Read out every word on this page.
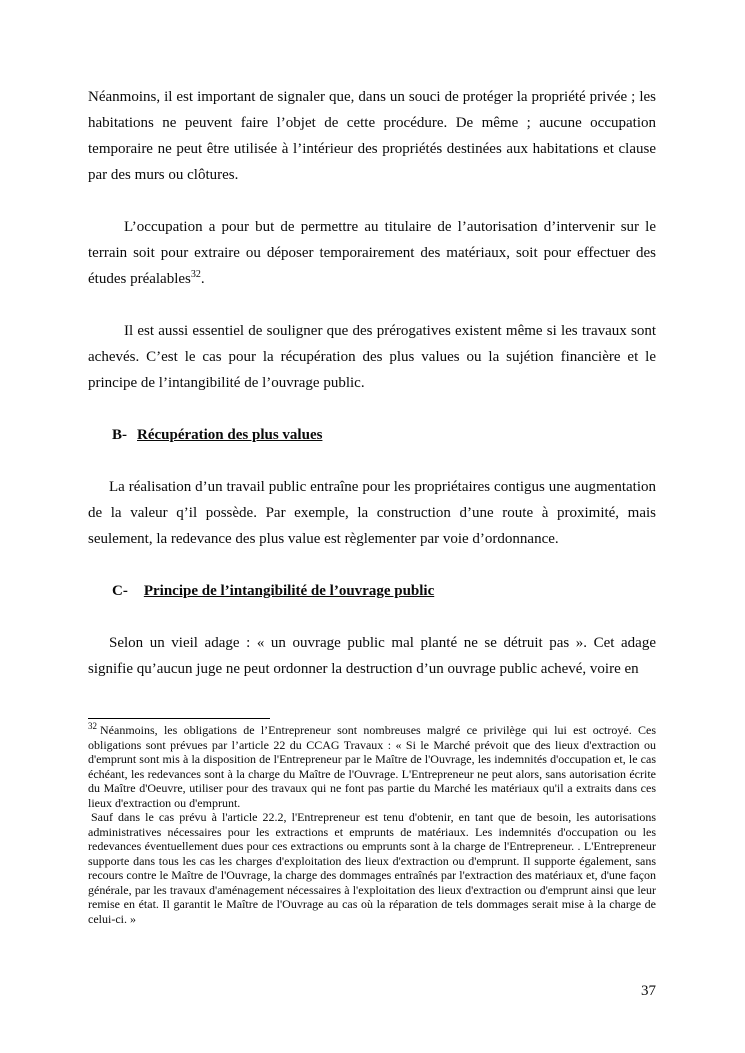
Néanmoins, il est important de signaler que, dans un souci de protéger la propriété privée ; les habitations ne peuvent faire l’objet de cette procédure. De même ; aucune occupation temporaire ne peut être utilisée à l’intérieur des propriétés destinées aux habitations et clause par des murs ou clôtures.

L’occupation a pour but de permettre au titulaire de l’autorisation d’intervenir sur le terrain soit pour extraire ou déposer temporairement des matériaux, soit pour effectuer des études préalables$^{32}$.

Il est aussi essentiel de souligner que des prérogatives existent même si les travaux sont achevés. C’est le cas pour la récupération des plus values ou la sujétion financière et le principe de l’intangibilité de l’ouvrage public.

B- Récupération des plus values

La réalisation d’un travail public entraîne pour les propriétaires contigus une augmentation de la valeur q’il possède. Par exemple, la construction d’une route à proximité, mais seulement, la redevance des plus value est règlementer par voie d’ordonnance.

C- Principe de l’intangibilité de l’ouvrage public

Selon un vieil adage : « un ouvrage public mal planté ne se détruit pas ». Cet adage signifie qu’aucun juge ne peut ordonner la destruction d’un ouvrage public achevé, voire en

$^{32}$ Néanmoins, les obligations de l’Entrepreneur sont nombreuses malgré ce privilège qui lui est octroyé. Ces obligations sont prévues par l’article 22 du CCAG Travaux : « Si le Marché prévoit que des lieux d'extraction ou d'emprunt sont mis à la disposition de l'Entrepreneur par le Maître de l'Ouvrage, les indemnités d'occupation et, le cas échéant, les redevances sont à la charge du Maître de l'Ouvrage. L'Entrepreneur ne peut alors, sans autorisation écrite du Maître d'Oeuvre, utiliser pour des travaux qui ne font pas partie du Marché les matériaux qu'il a extraits dans ces lieux d'extraction ou d'emprunt.
Sauf dans le cas prévu à l'article 22.2, l'Entrepreneur est tenu d'obtenir, en tant que de besoin, les autorisations administratives nécessaires pour les extractions et emprunts de matériaux. Les indemnités d'occupation ou les redevances éventuellement dues pour ces extractions ou emprunts sont à la charge de l'Entrepreneur. . L'Entrepreneur supporte dans tous les cas les charges d'exploitation des lieux d'extraction ou d'emprunt. Il supporte également, sans recours contre le Maître de l'Ouvrage, la charge des dommages entraînés par l'extraction des matériaux et, d'une façon générale, par les travaux d'aménagement nécessaires à l'exploitation des lieux d'extraction ou d'emprunt ainsi que leur remise en état. Il garantit le Maître de l'Ouvrage au cas où la réparation de tels dommages serait mise à la charge de celui-ci. »
37
